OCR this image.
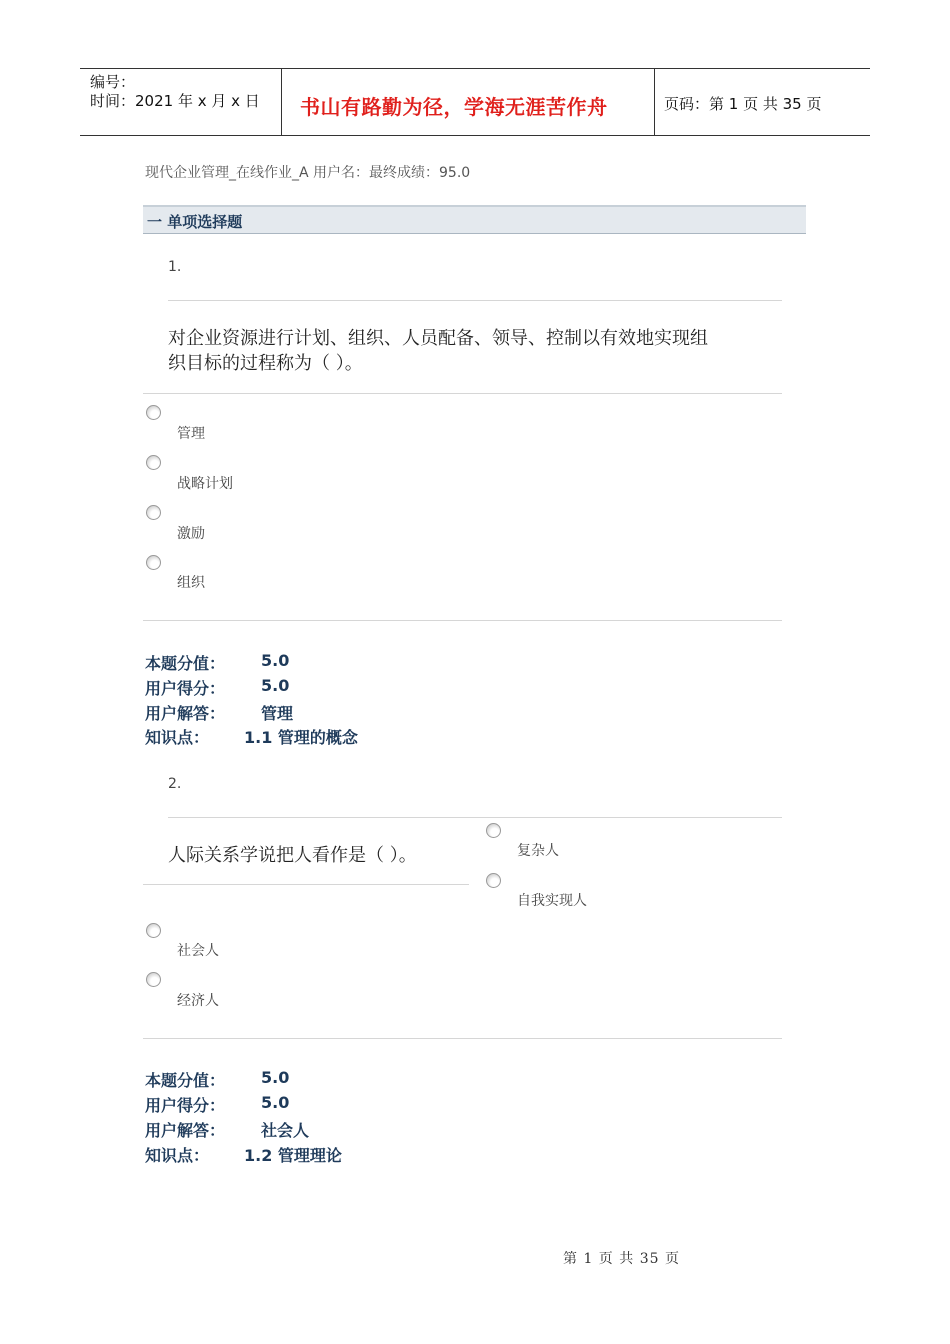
编号：
时间：2021 年 x 月 x 日 书山有路勤为径，学海无涯苦作舟	页码：第 1 页 共 35 页
现代企业管理_在线作业_A 用户名：最终成绩：95.0
一 单项选择题
1.
对企业资源进行计划、组织、人员配备、领导、控制以有效地实现组
织目标的过程称为（ ）。
管理
战略计划
激励
组织
本题分值： 5.0
用户得分： 5.0
用户解答： 管理
知识点： 1.1 管理的概念
2.
人际关系学说把人看作是（ ）。	复杂人
自我实现人
社会人
经济人
本题分值： 5.0
用户得分： 5.0
用户解答： 社会人
知识点： 1.2 管理理论
第 1 页 共 35 页
